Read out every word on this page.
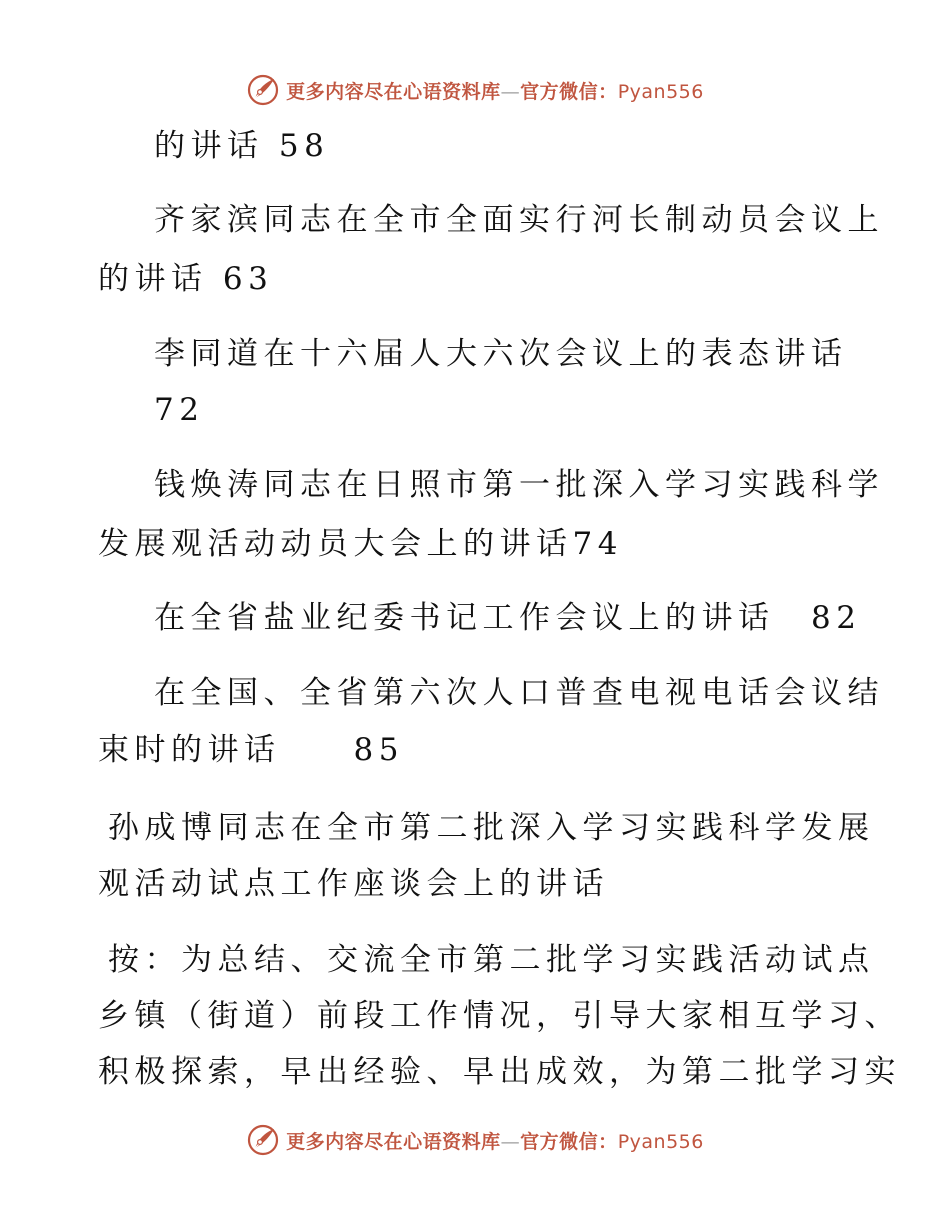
更多内容尽在心语资料库—官方微信：Pyan556
的讲话 58
齐家滨同志在全市全面实行河长制动员会议上
的讲话 63
李同道在十六届人大六次会议上的表态讲话
72
钱焕涛同志在日照市第一批深入学习实践科学
发展观活动动员大会上的讲话74
在全省盐业纪委书记工作会议上的讲话　82
在全国、全省第六次人口普查电视电话会议结
束时的讲话　　85
孙成博同志在全市第二批深入学习实践科学发展
观活动试点工作座谈会上的讲话
按：为总结、交流全市第二批学习实践活动试点
乡镇（街道）前段工作情况，引导大家相互学习、
积极探索，早出经验、早出成效，为第二批学习实
更多内容尽在心语资料库—官方微信：Pyan556
